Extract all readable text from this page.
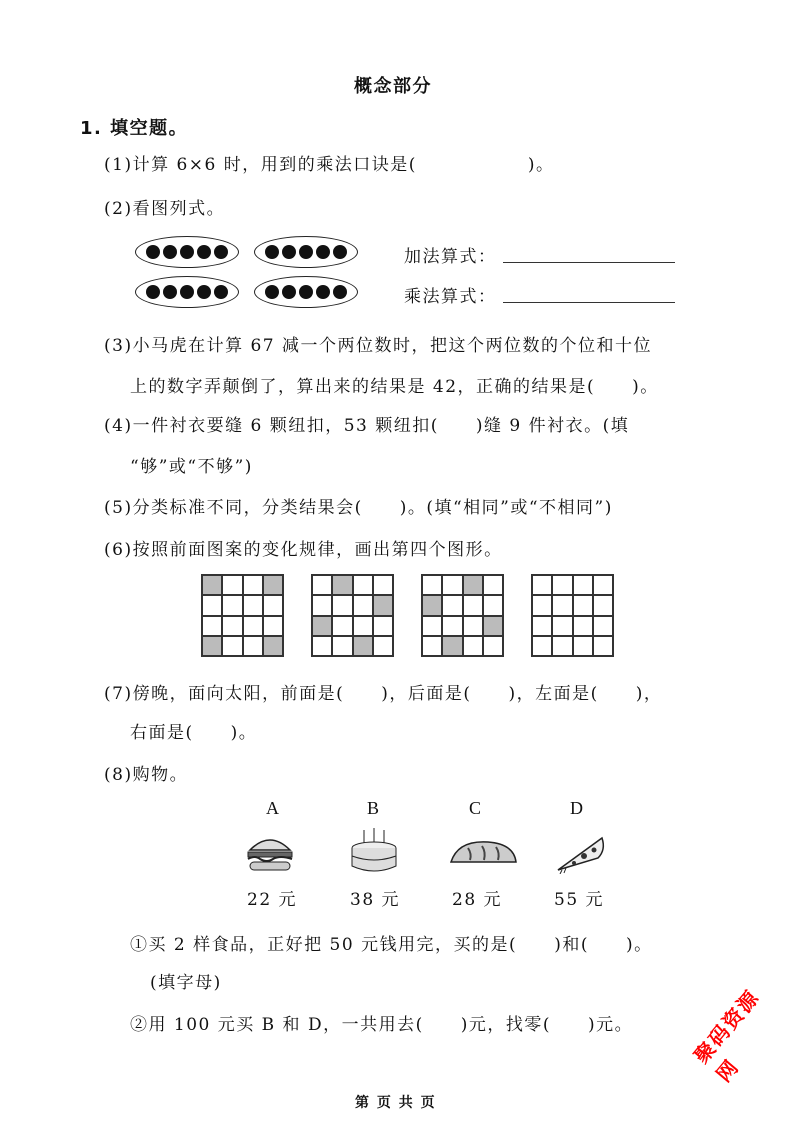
概念部分
1. 填空题。
(1)计算 6×6 时，用到的乘法口诀是(　　　　　　)。
(2)看图列式。
加法算式：
乘法算式：
(3)小马虎在计算 67 减一个两位数时，把这个两位数的个位和十位
上的数字弄颠倒了，算出来的结果是 42，正确的结果是(　　)。
(4)一件衬衣要缝 6 颗纽扣，53 颗纽扣(　　)缝 9 件衬衣。(填
“够”或“不够”)
(5)分类标准不同，分类结果会(　　)。(填“相同”或“不相同”)
(6)按照前面图案的变化规律，画出第四个图形。
(7)傍晚，面向太阳，前面是(　　)，后面是(　　)，左面是(　　)，
右面是(　　)。
(8)购物。
A	B	C	D
22 元	38 元	28 元	55 元
①买 2 样食品，正好把 50 元钱用完，买的是(　　)和(　　)。
(填字母)
②用 100 元买 B 和 D，一共用去(　　)元，找零(　　)元。	聚码资源网
第 页 共 页
